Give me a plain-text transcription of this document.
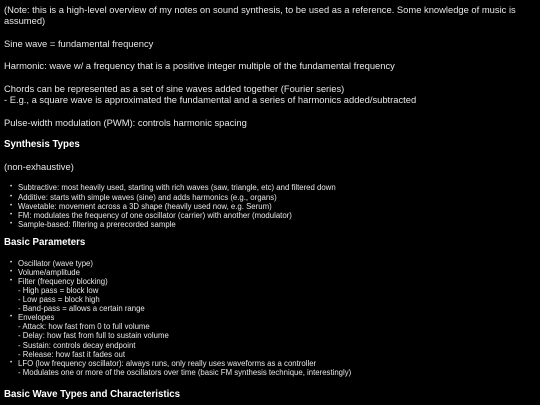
(Note: this is a high-level overview of my notes on sound synthesis, to be used as a reference. Some knowledge of music is assumed)

Sine wave = fundamental frequency

Harmonic: wave w/ a frequency that is a positive integer multiple of the fundamental frequency

Chords can be represented as a set of sine waves added together (Fourier series)

- E.g., a square wave is approximated the fundamental and a series of harmonics added/subtracted

Pulse-width modulation (PWM): controls harmonic spacing

Synthesis Types

(non-exhaustive)

• Subtractive: most heavily used, starting with rich waves (saw, triangle, etc) and filtered down
• Additive: starts with simple waves (sine) and adds harmonics (e.g., organs)
• Wavetable: movement across a 3D shape (heavily used now, e.g. Serum)
• FM: modulates the frequency of one oscillator (carrier) with another (modulator)
• Sample-based: filtering a prerecorded sample
Basic Parameters
• Oscillator (wave type)
• Volume/amplitude
• Filter (frequency blocking)
- High pass = block low
- Low pass = block high
- Band-pass = allows a certain range
• Envelopes
- Attack: how fast from 0 to full volume
- Delay: how fast from full to sustain volume
- Sustain: controls decay endpoint
- Release: how fast it fades out
• LFO (low frequency oscillator): always runs, only really uses waveforms as a controller
- Modulates one or more of the oscillators over time (basic FM synthesis technique, interestingly)
Basic Wave Types and Characteristics
